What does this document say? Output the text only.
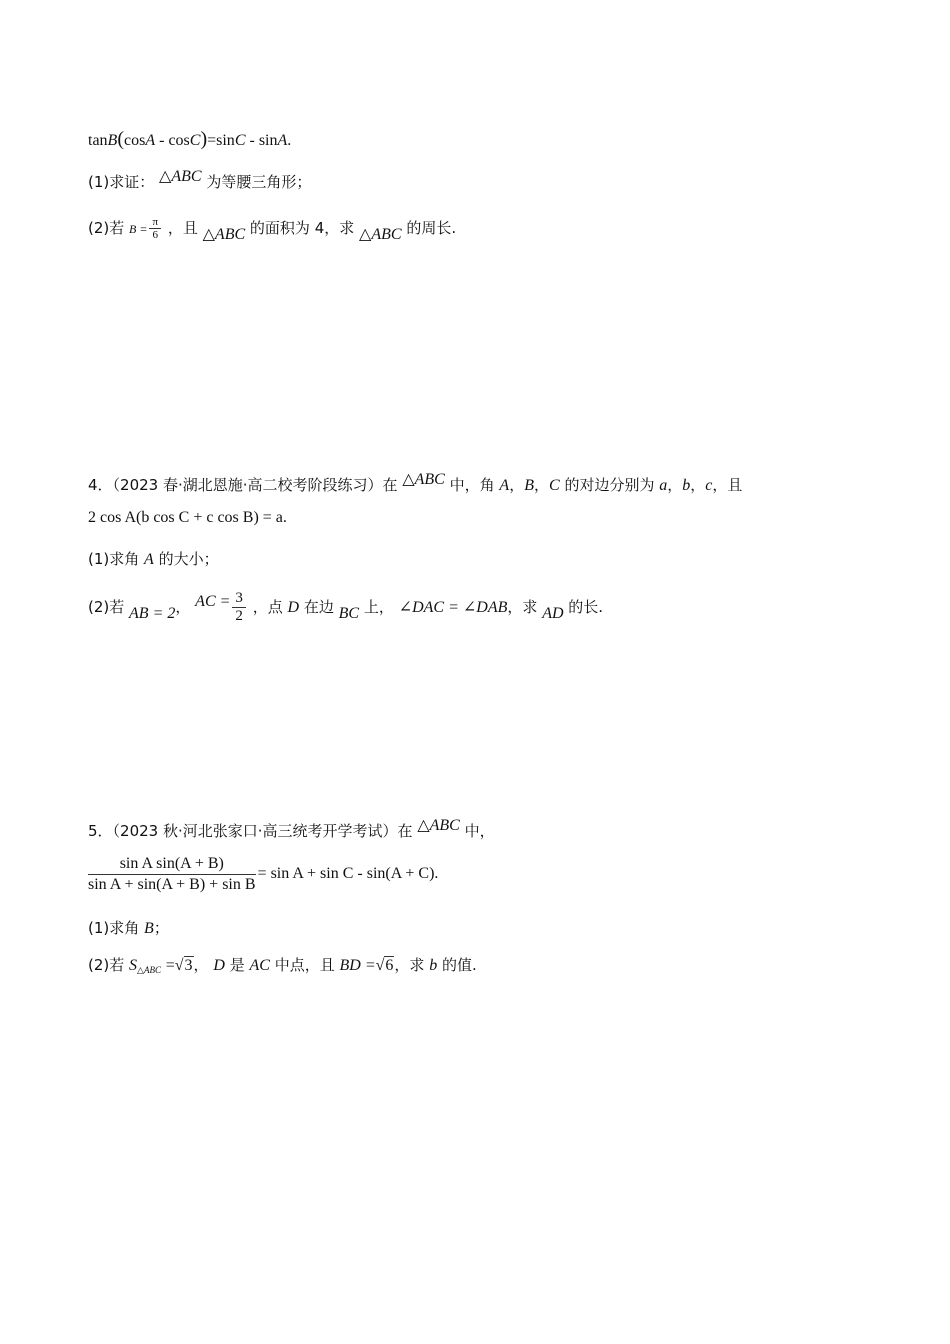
tanB(cosA - cosC)=sinC - sinA.
(1)求证： △ABC 为等腰三角形；
(2)若 $B = \frac{\pi}{6}$ ，且 △ABC 的面积为 4，求 △ABC 的周长.
4．（2023 春·湖北恩施·高二校考阶段练习）在 △ABC 中，角 A，B，C 的对边分别为 a，b，c，且
2 cos A(b cos C + c cos B) = a.
(1)求角 A 的大小；
(2)若 AB = 2， AC = $\frac{3}{2}$ ，点 D 在边 BC 上， ∠DAC = ∠DAB，求 AD 的长.
5．（2023 秋·河北张家口·高三统考开学考试）在 △ABC 中，
$\frac{\text{sin A sin(A + B)}}{\text{sin A + sin(A + B) + sin B}} = \sin A + \sin C - \sin(A + C)$.
(1)求角 B；
(2)若 $S_{\triangle ABC} =√3$， D 是 AC 中点，且 BD =√6，求 b 的值.
